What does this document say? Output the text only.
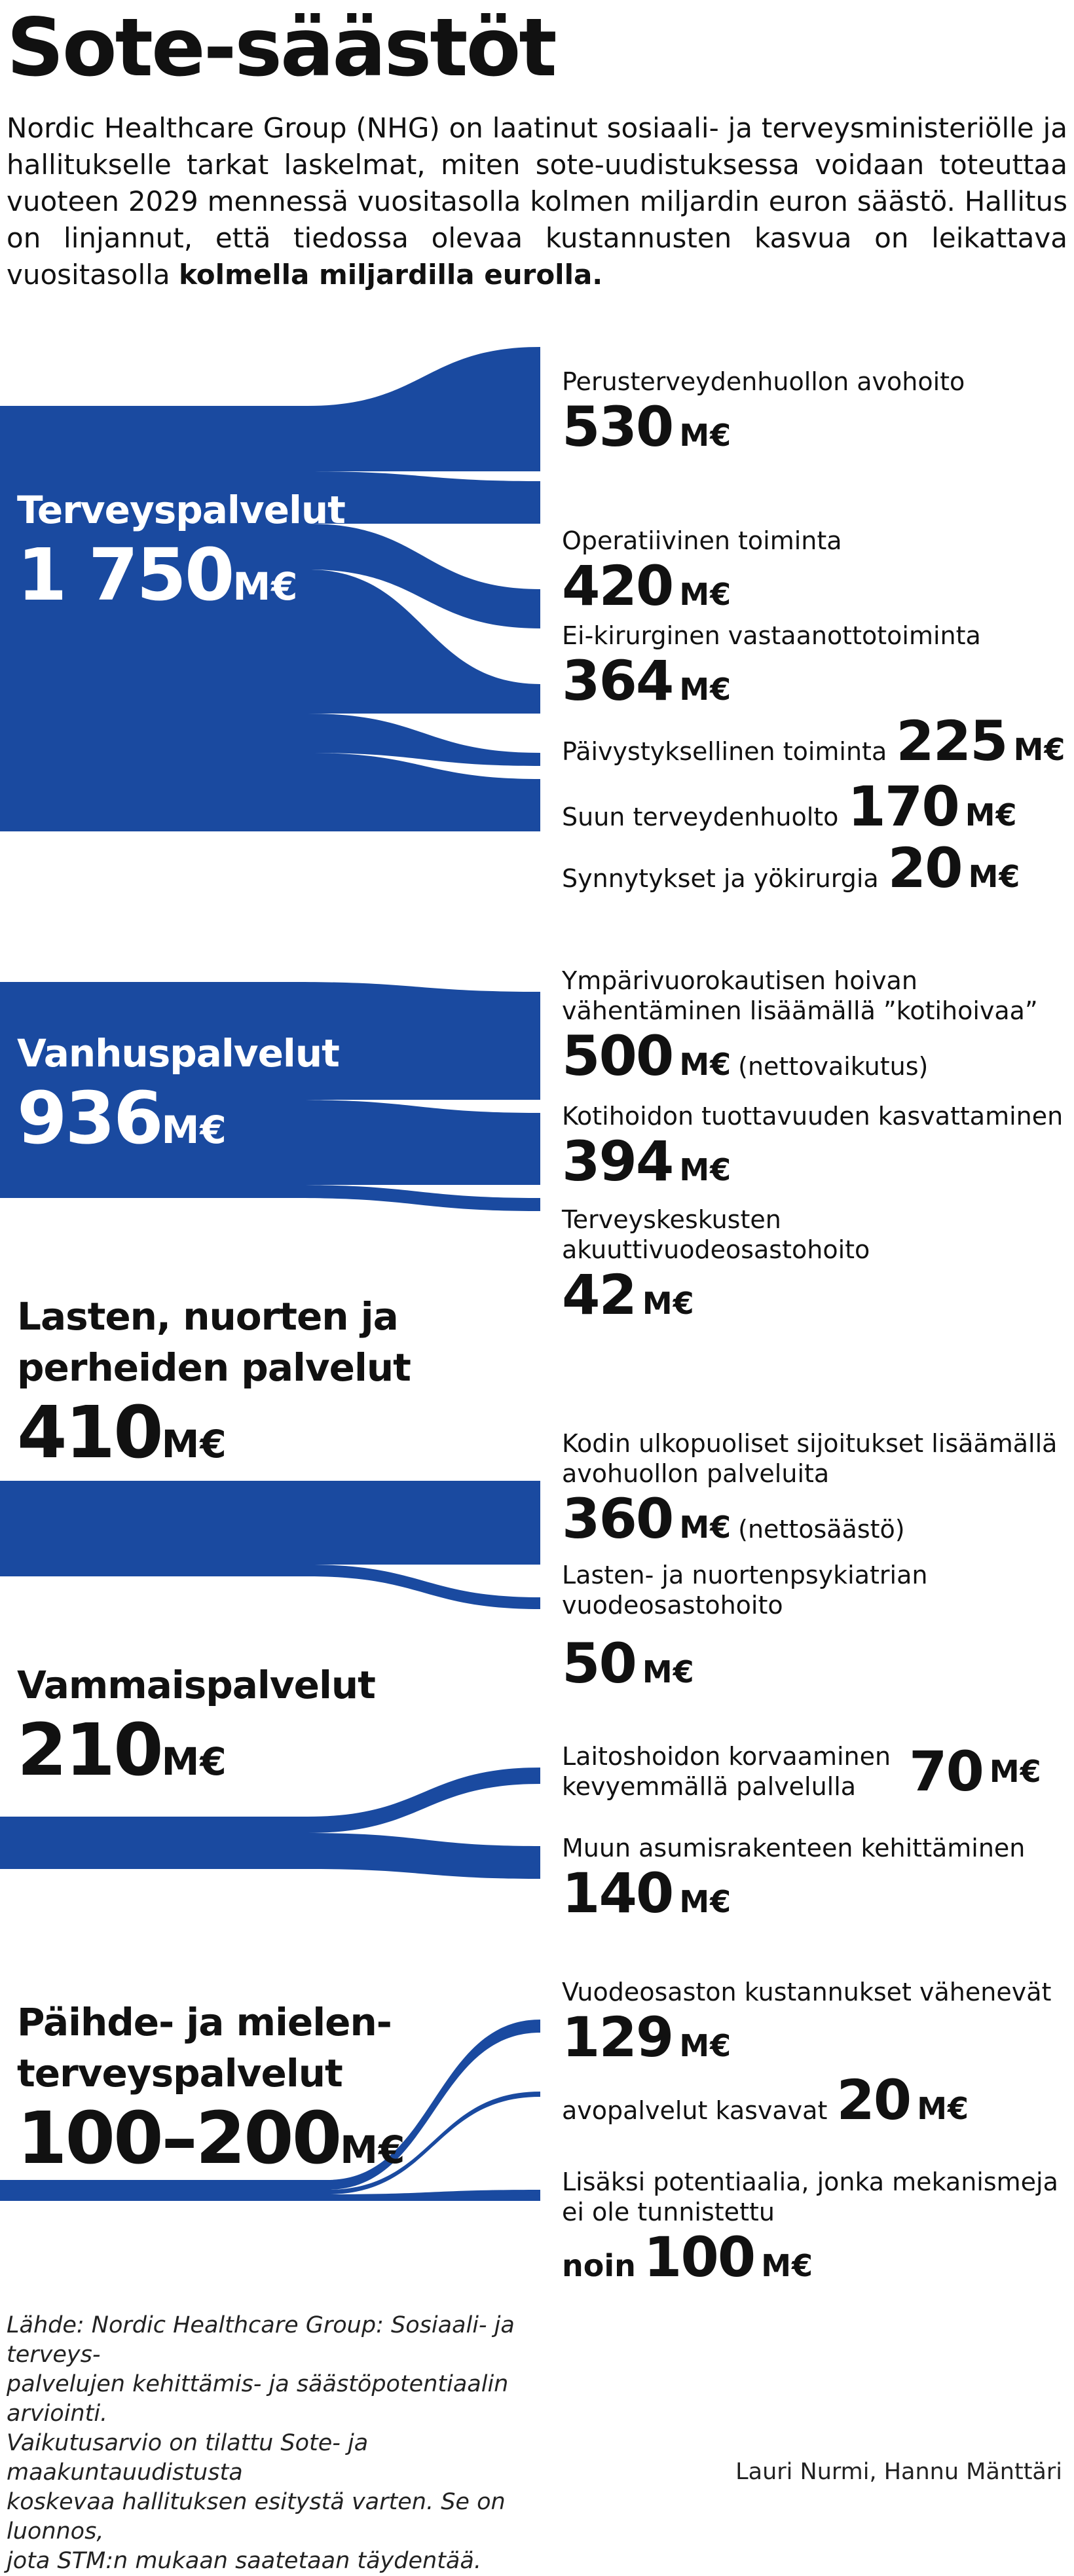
Sote-säästöt
Nordic Healthcare Group (NHG) on laatinut sosiaali- ja terveysministeriölle ja hallitukselle tarkat laskelmat, miten sote-uudistuksessa voidaan toteuttaa vuoteen 2029 mennessä vuositasolla kolmen miljardin euron säästö. Hallitus on linjannut, että tiedossa olevaa kustannusten kasvua on leikattava vuositasolla kolmella miljardilla eurolla.
Terveyspalvelut
1 750M€
Vanhuspalvelut
936M€
Lasten, nuorten ja
perheiden palvelut
410M€
Vammaispalvelut
210M€
Päihde- ja mielen-
terveyspalvelut
100–200M€
Perusterveydenhuollon avohoito
530 M€
Operatiivinen toiminta
420 M€
Ei-kirurginen vastaanottotoiminta
364 M€
Päivystyksellinen toiminta 225 M€
Suun terveydenhuolto 170 M€
Synnytykset ja yökirurgia 20 M€
Ympärivuorokautisen hoivan
vähentäminen lisäämällä ”kotihoivaa”
500 M€ (nettovaikutus)
Kotihoidon tuottavuuden kasvattaminen
394 M€
Terveyskeskusten
akuuttivuodeosastohoito
42 M€
Kodin ulkopuoliset sijoitukset lisäämällä
avohuollon palveluita
360 M€ (nettosäästö)
Lasten- ja nuortenpsykiatrian
vuodeosastohoito
50 M€
Laitoshoidon korvaaminen
kevyemmällä palvelulla 70 M€
Muun asumisrakenteen kehittäminen
140 M€
Vuodeosaston kustannukset vähenevät
129 M€
avopalvelut kasvavat 20 M€
Lisäksi potentiaalia, jonka mekanismeja
ei ole tunnistettu
noin 100 M€
Lähde: Nordic Healthcare Group: Sosiaali- ja terveys-
palvelujen kehittämis- ja säästöpotentiaalin arviointi.
Vaikutusarvio on tilattu Sote- ja maakuntauudistusta
koskevaa hallituksen esitystä varten. Se on luonnos,
jota STM:n mukaan saatetaan täydentää.
Lauri Nurmi, Hannu Mänttäri
